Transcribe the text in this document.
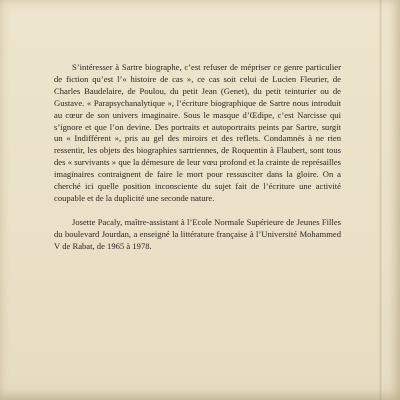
S’intéresser à Sartre biographe, c’est refuser de mépriser ce genre particulier de fiction qu’est l’« histoire de cas », ce cas soit celui de Lucien Fleurier, de Charles Baudelaire, de Poulou, du petit Jean (Genet), du petit teinturier ou de Gustave. « Parapsychanalytique », l’écriture biographique de Sartre nous introduit au cœur de son univers imaginaire. Sous le masque d’Œdipe, c’est Narcisse qui s’ignore et que l’on devine. Des portraits et autoportraits peints par Sartre, surgit un « Indifférent », pris au gel des miroirs et des reflets. Condamnés à ne rien ressentir, les objets des biographies sartriennes, de Roquentin à Flaubert, sont tous des « survivants » que la démesure de leur vœu profond et la crainte de représailles imaginaires contraignent de faire le mort pour ressusciter dans la gloire. On a cherché ici quelle position inconsciente du sujet fait de l’écriture une activité coupable et de la duplicité une seconde nature.

Josette Pacaly, maître-assistant à l’Ecole Normale Supérieure de Jeunes Filles du boulevard Jourdan, a enseigné la littérature française à l’Université Mohammed V de Rabat, de 1965 à 1978.
